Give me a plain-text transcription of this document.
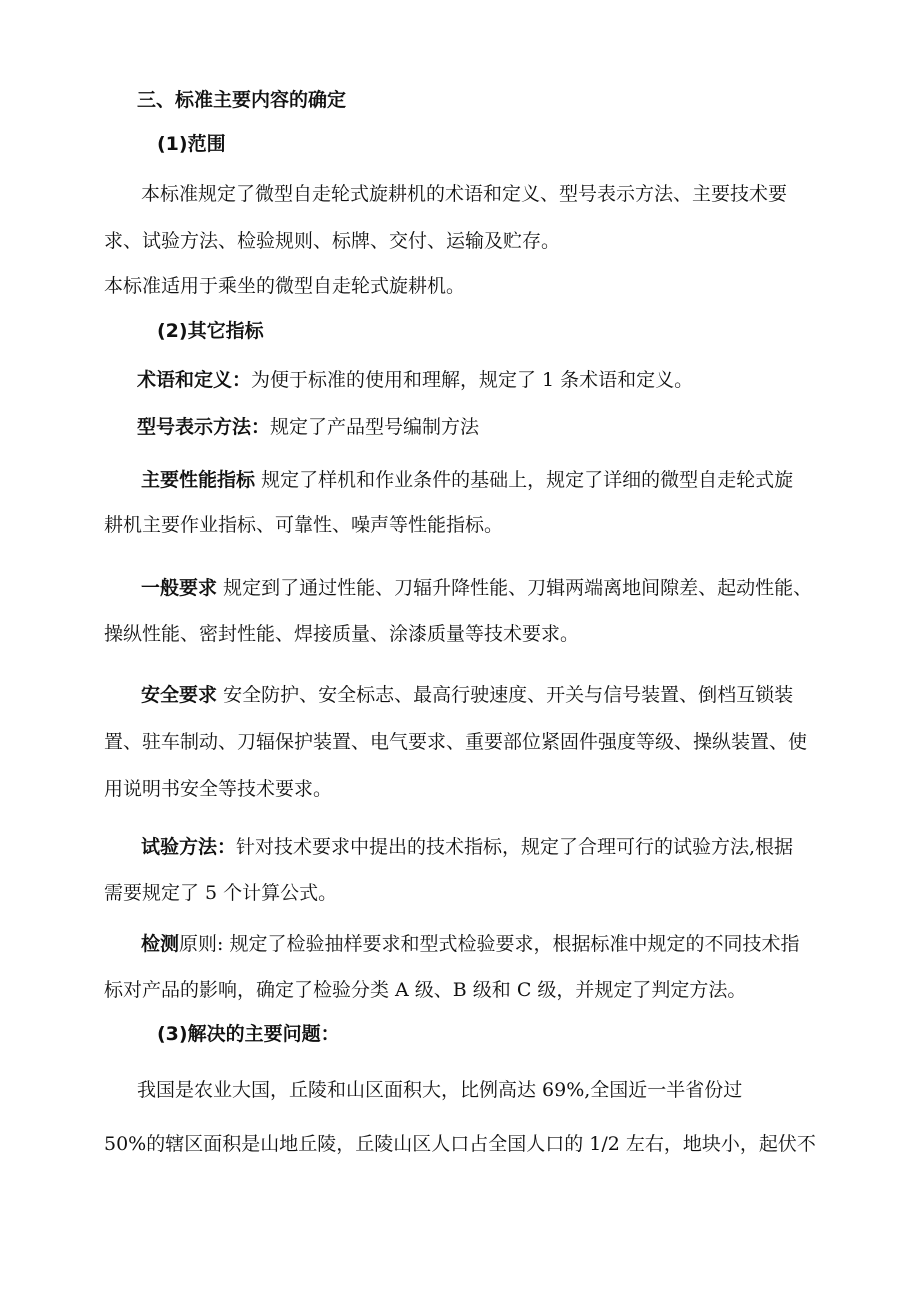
三、标准主要内容的确定

(1)范围

本标准规定了微型自走轮式旋耕机的术语和定义、型号表示方法、主要技术要

求、试验方法、检验规则、标牌、交付、运输及贮存。

本标准适用于乘坐的微型自走轮式旋耕机。

(2)其它指标

术语和定义：为便于标准的使用和理解，规定了 1 条术语和定义。

型号表示方法：规定了产品型号编制方法

主要性能指标 规定了样机和作业条件的基础上，规定了详细的微型自走轮式旋

耕机主要作业指标、可靠性、噪声等性能指标。

一般要求 规定到了通过性能、刀辐升降性能、刀辑两端离地间隙差、起动性能、

操纵性能、密封性能、焊接质量、涂漆质量等技术要求。

安全要求 安全防护、安全标志、最高行驶速度、开关与信号装置、倒档互锁装

置、驻车制动、刀辐保护装置、电气要求、重要部位紧固件强度等级、操纵装置、使

用说明书安全等技术要求。

试验方法：针对技术要求中提出的技术指标，规定了合理可行的试验方法,根据

需要规定了 5 个计算公式。

检测原则: 规定了检验抽样要求和型式检验要求，根据标准中规定的不同技术指

标对产品的影响，确定了检验分类 A 级、B 级和 C 级，并规定了判定方法。

(3)解决的主要问题：

我国是农业大国，丘陵和山区面积大，比例高达 69%,全国近一半省份过

50%的辖区面积是山地丘陵，丘陵山区人口占全国人口的 1/2 左右，地块小，起伏不
